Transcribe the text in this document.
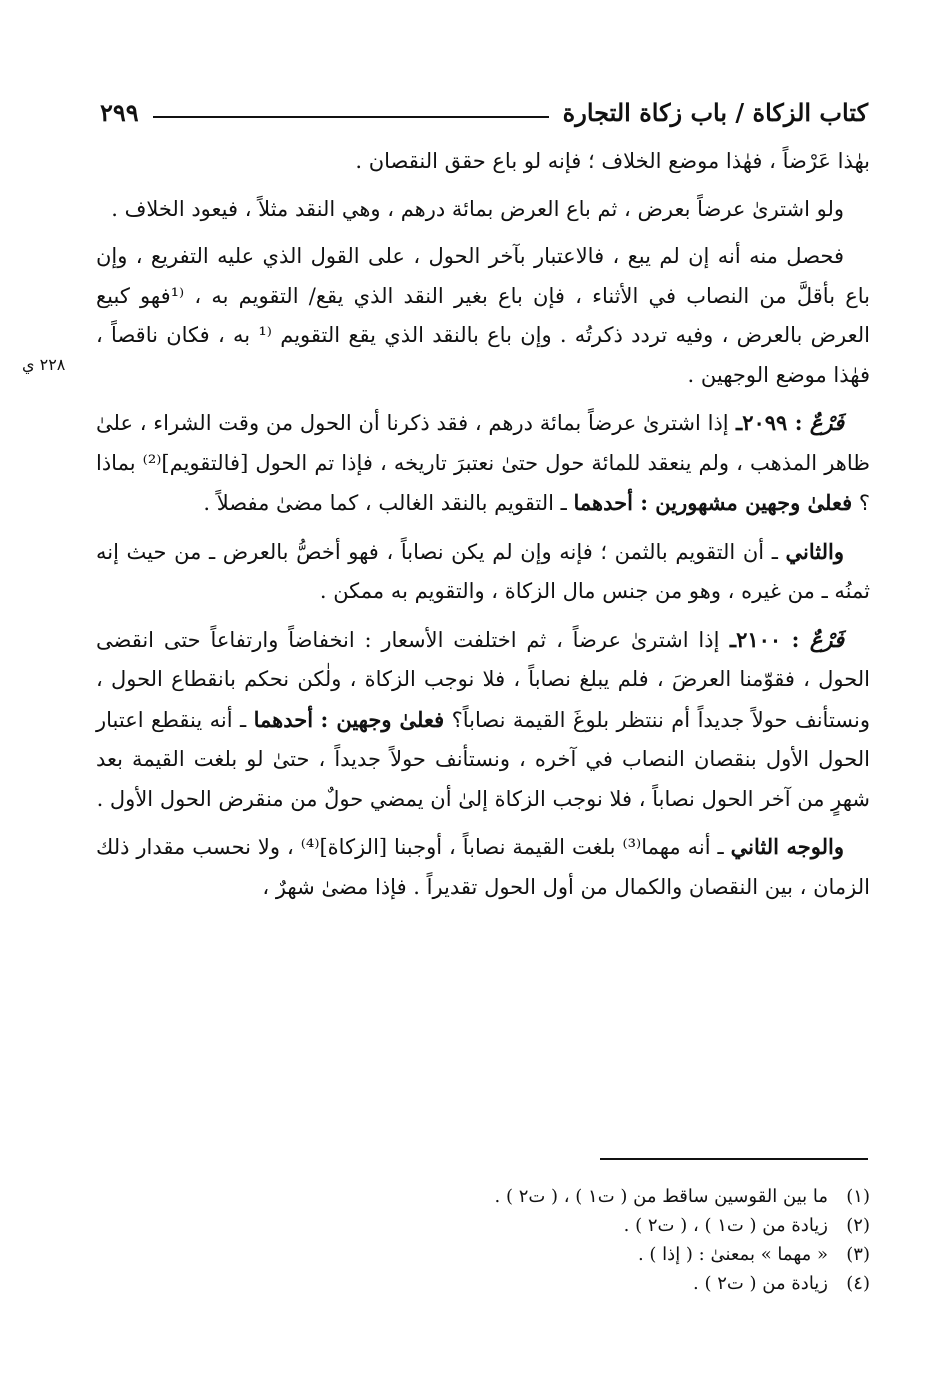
كتاب الزكاة / باب زكاة التجارة
٢٩٩
٢٢٨ ي

بهٰذا عَرْضاً ، فهٰذا موضع الخلاف ؛ فإنه لو باع حقق النقصان .

ولو اشترىٰ عرضاً بعرض ، ثم باع العرض بمائة درهم ، وهي النقد مثلاً ، فيعود الخلاف .

فحصل منه أنه إن لم يبع ، فالاعتبار بآخر الحول ، على القول الذي عليه التفريع ، وإن باع بأقلَّ من النصاب في الأثناء ، فإن باع بغير النقد الذي يقع/ التقويم به ، ⁽¹فهو كبيع العرض بالعرض ، وفيه تردد ذكرتُه . وإن باع بالنقد الذي يقع التقويم ⁽¹ به ، فكان ناقصاً ، فهٰذا موضع الوجهين .

فَرْعٌ : ٢٠٩٩ـ إذا اشترىٰ عرضاً بمائة درهم ، فقد ذكرنا أن الحول من وقت الشراء ، علىٰ ظاهر المذهب ، ولم ينعقد للمائة حول حتىٰ نعتبرَ تاريخه ، فإذا تم الحول [فالتقويم]⁽²⁾ بماذا ؟ فعلىٰ وجهين مشهورين : أحدهما ـ التقويم بالنقد الغالب ، كما مضىٰ مفصلاً .

والثاني ـ أن التقويم بالثمن ؛ فإنه وإن لم يكن نصاباً ، فهو أخصُّ بالعرض ـ من حيث إنه ثمنُه ـ من غيره ، وهو من جنس مال الزكاة ، والتقويم به ممكن .

فَرْعٌ : ٢١٠٠ـ إذا اشترىٰ عرضاً ، ثم اختلفت الأسعار : انخفاضاً وارتفاعاً حتى انقضى الحول ، فقوّمنا العرضَ ، فلم يبلغ نصاباً ، فلا نوجب الزكاة ، ولٰكن نحكم بانقطاع الحول ، ونستأنف حولاً جديداً أم ننتظر بلوغَ القيمة نصاباً؟ فعلىٰ وجهين : أحدهما ـ أنه ينقطع اعتبار الحول الأول بنقصان النصاب في آخره ، ونستأنف حولاً جديداً ، حتىٰ لو بلغت القيمة بعد شهرٍ من آخر الحول نصاباً ، فلا نوجب الزكاة إلىٰ أن يمضي حولٌ من منقرض الحول الأول .

والوجه الثاني ـ أنه مهما⁽³⁾ بلغت القيمة نصاباً ، أوجبنا [الزكاة]⁽⁴⁾ ، ولا نحسب مقدار ذلك الزمان ، بين النقصان والكمال من أول الحول تقديراً . فإذا مضىٰ شهرٌ ،

(١)
ما بين القوسين ساقط من ( ت١ ) ، ( ت٢ ) .
(٢)
زيادة من ( ت١ ) ، ( ت٢ ) .
(٣)
« مهما » بمعنىٰ : ( إذا ) .
(٤)
زيادة من ( ت٢ ) .
